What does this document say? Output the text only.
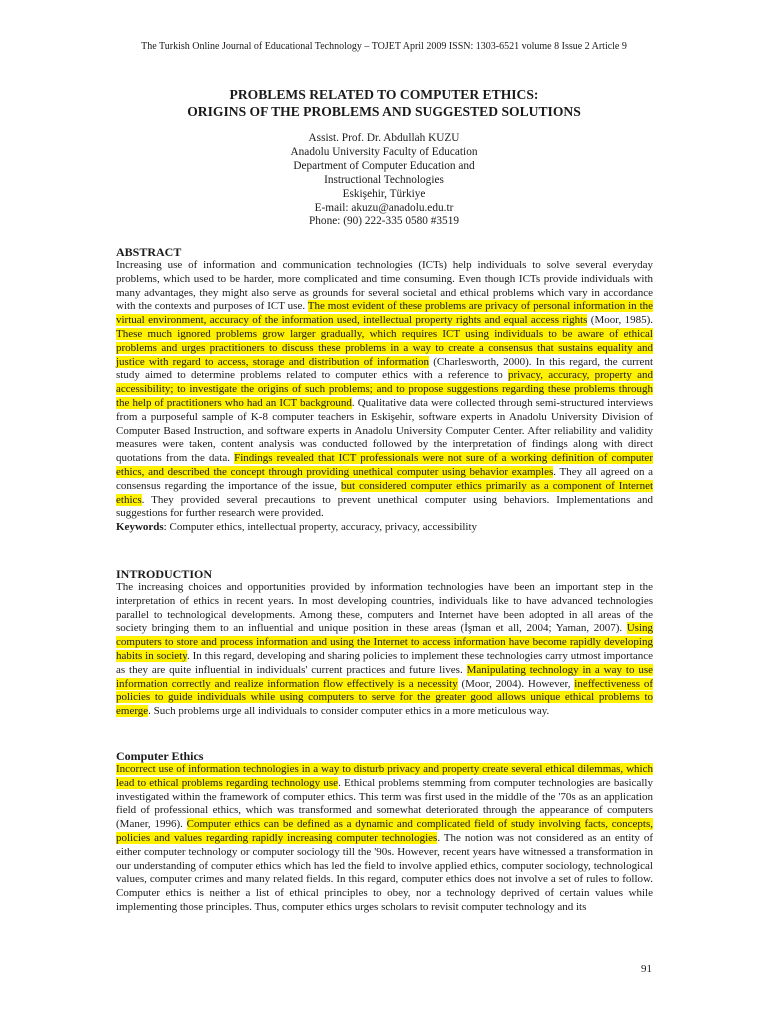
The Turkish Online Journal of Educational Technology – TOJET April 2009 ISSN: 1303-6521 volume 8 Issue 2 Article 9
PROBLEMS RELATED TO COMPUTER ETHICS:
ORIGINS OF THE PROBLEMS AND SUGGESTED SOLUTIONS
Assist. Prof. Dr. Abdullah KUZU
Anadolu University Faculty of Education
Department of Computer Education and
Instructional Technologies
Eskişehir, Türkiye
E-mail: akuzu@anadolu.edu.tr
Phone: (90) 222-335 0580 #3519
ABSTRACT

Increasing use of information and communication technologies (ICTs) help individuals to solve several everyday problems, which used to be harder, more complicated and time consuming. Even though ICTs provide individuals with many advantages, they might also serve as grounds for several societal and ethical problems which vary in accordance with the contexts and purposes of ICT use. The most evident of these problems are privacy of personal information in the virtual environment, accuracy of the information used, intellectual property rights and equal access rights (Moor, 1985). These much ignored problems grow larger gradually, which requires ICT using individuals to be aware of ethical problems and urges practitioners to discuss these problems in a way to create a consensus that sustains equality and justice with regard to access, storage and distribution of information (Charlesworth, 2000). In this regard, the current study aimed to determine problems related to computer ethics with a reference to privacy, accuracy, property and accessibility; to investigate the origins of such problems; and to propose suggestions regarding these problems through the help of practitioners who had an ICT background. Qualitative data were collected through semi-structured interviews from a purposeful sample of K-8 computer teachers in Eskişehir, software experts in Anadolu University Division of Computer Based Instruction, and software experts in Anadolu University Computer Center. After reliability and validity measures were taken, content analysis was conducted followed by the interpretation of findings along with direct quotations from the data. Findings revealed that ICT professionals were not sure of a working definition of computer ethics, and described the concept through providing unethical computer using behavior examples. They all agreed on a consensus regarding the importance of the issue, but considered computer ethics primarily as a component of Internet ethics. They provided several precautions to prevent unethical computer using behaviors. Implementations and suggestions for further research were provided.

Keywords: Computer ethics, intellectual property, accuracy, privacy, accessibility

INTRODUCTION

The increasing choices and opportunities provided by information technologies have been an important step in the interpretation of ethics in recent years. In most developing countries, individuals like to have advanced technologies parallel to technological developments. Among these, computers and Internet have been adopted in all areas of the society bringing them to an influential and unique position in these areas (İşman et all, 2004; Yaman, 2007). Using computers to store and process information and using the Internet to access information have become rapidly developing habits in society. In this regard, developing and sharing policies to implement these technologies carry utmost importance as they are quite influential in individuals' current practices and future lives. Manipulating technology in a way to use information correctly and realize information flow effectively is a necessity (Moor, 2004). However, ineffectiveness of policies to guide individuals while using computers to serve for the greater good allows unique ethical problems to emerge. Such problems urge all individuals to consider computer ethics in a more meticulous way.

Computer Ethics

Incorrect use of information technologies in a way to disturb privacy and property create several ethical dilemmas, which lead to ethical problems regarding technology use. Ethical problems stemming from computer technologies are basically investigated within the framework of computer ethics. This term was first used in the middle of the '70s as an application field of professional ethics, which was transformed and somewhat deteriorated through the appearance of computers (Maner, 1996). Computer ethics can be defined as a dynamic and complicated field of study involving facts, concepts, policies and values regarding rapidly increasing computer technologies. The notion was not considered as an entity of either computer technology or computer sociology till the '90s. However, recent years have witnessed a transformation in our understanding of computer ethics which has led the field to involve applied ethics, computer sociology, technological values, computer crimes and many related fields. In this regard, computer ethics does not involve a set of rules to follow. Computer ethics is neither a list of ethical principles to obey, nor a technology deprived of certain values while implementing those principles. Thus, computer ethics urges scholars to revisit computer technology and its

91
